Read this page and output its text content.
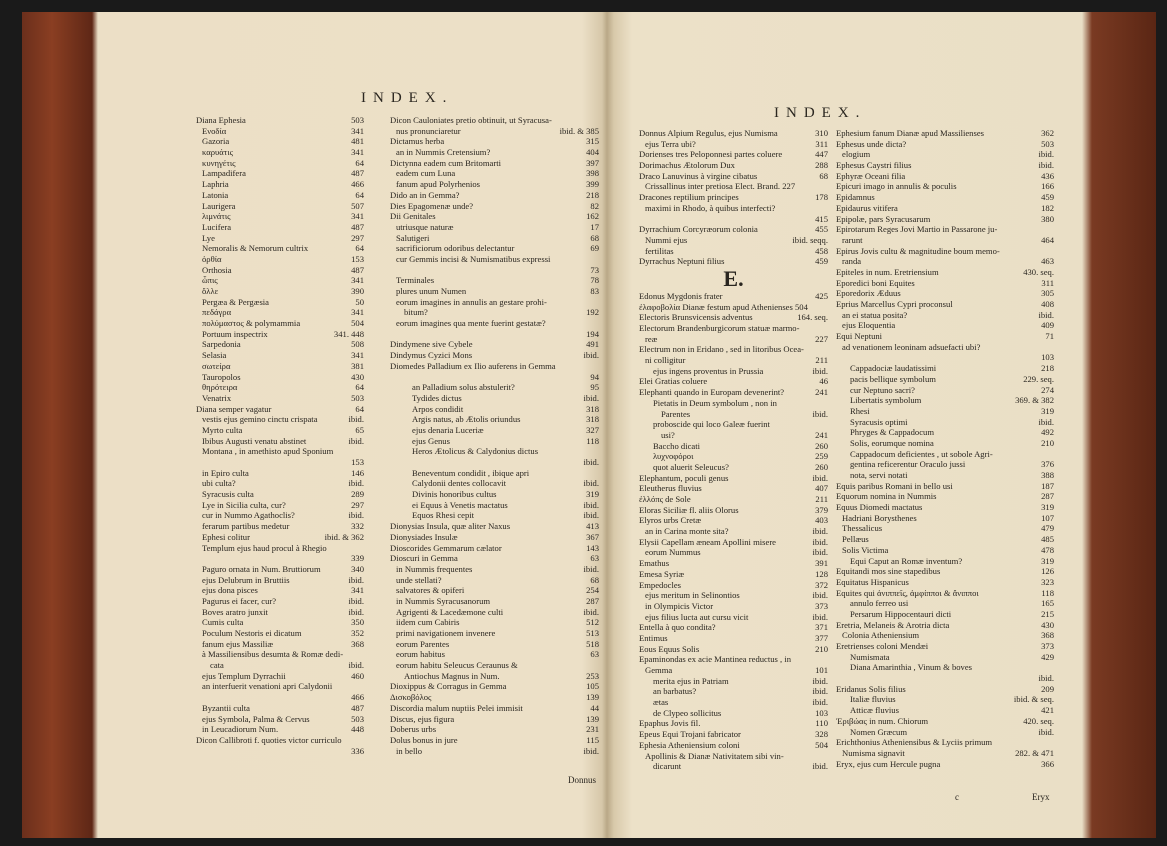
INDEX.
Diana Ephesia	503
Ενοδία	341
Gazoria	481
καρυάτις	341
κυνηγέτις	64
Lampadifera	487
Laphria	466
Latonia	64
Laurigera	507
λιμνάτις	341
Lucifera	487
Lye	297
Nemoralis & Nemorum cultrix	64
ὀρθία	153
Orthosia	487
ὦπις	341
ὄλλε	390
Pergæa & Pergæsia	50
πεδάγρα	341
πολύμαστος & polymammia	504
Portuum inspectrix	341. 448
Sarpedonia	508
Selasia	341
σωτείρα	381
Tauropolos	430
θηρότειρα	64
Venatrix	503
Diana semper vagatur	64
vestis ejus gemino cinctu crispata	ibid.
Myrto culta	65
Ibibus Augusti venatu abstinet	ibid.
Montana , in amethisto apud Sponium
153
in Epiro culta	146
ubi culta?	ibid.
Syracusis culta	289
Lye in Sicilia culta, cur?	297
cur in Nummo Agathoclis?	ibid.
ferarum partibus medetur	332
Ephesi colitur	ibid. & 362
Templum ejus haud procul à Rhegio
339
Paguro ornata in Num. Bruttiorum	340
ejus Delubrum in Bruttiis	ibid.
ejus dona pisces	341
Pagurus ei facer, cur?	ibid.
Boves aratro junxit	ibid.
Cumis culta	350
Poculum Nestoris ei dicatum	352
fanum ejus Massiliæ	368
à Massiliensibus desumta & Romæ dedi-
cata	ibid.
ejus Templum Dyrrachii	460
an interfuerit venationi apri Calydonii
466
Byzantii culta	487
ejus Symbola, Palma & Cervus	503
in Leucadiorum Num.	448
Dicon Callibroti f. quoties victor curriculo
336
Dicon Cauloniates pretio obtinuit, ut Syracusa-
nus pronunciaretur	ibid. & 385
Dictamus herba	315
an in Nummis Cretensium?	404
Dictynna eadem cum Britomarti	397
eadem cum Luna	398
fanum apud Polyrhenios	399
Dido an in Gemma?	218
Dies Epagomenæ unde?	82
Dii Genitales	162
utriusque naturæ	17
Salutigeri	68
sacrificiorum odoribus delectantur	69
cur Gemmis incisi & Numismatibus expressi
73
Terminales	78
plures unum Numen	83
eorum imagines in annulis an gestare prohi-
bitum?	192
eorum imagines qua mente fuerint gestatæ?
194
Dindymene sive Cybele	491
Dindymus Cyzici Mons	ibid.
Diomedes Palladium ex Ilio auferens in Gemma
94
an Palladium solus abstulerit?	95
Tydides dictus	ibid.
Arpos condidit	318
Argis natus, ab Ætolis oriundus	318
ejus denaria Luceriæ	327
ejus Genus	118
Heros Ætolicus & Calydonius dictus
ibid.
Beneventum condidit , ibique apri
Calydonii dentes collocavit	ibid.
Divinis honoribus cultus	319
ei Equus à Venetis mactatus	ibid.
Equos Rhesi cepit	ibid.
Dionysias Insula, quæ aliter Naxus	413
Dionysiades Insulæ	367
Dioscorides Gemmarum cælator	143
Dioscuri in Gemma	63
in Nummis frequentes	ibid.
unde stellati?	68
salvatores & opiferi	254
in Nummis Syracusanorum	287
Agrigenti & Lacedæmone culti	ibid.
iidem cum Cabiris	512
primi navigationem invenere	513
eorum Parentes	518
eorum habitus	63
eorum habitu Seleucus Ceraunus &
Antiochus Magnus in Num.	253
Dioxippus & Corragus in Gemma	105
Δισκοβόλος	139
Discordia malum nuptiis Pelei immisit	44
Discus, ejus figura	139
Doberus urbs	231
Dolus bonus in jure	115
in bello	ibid.
Donnus
INDEX.
Donnus Alpium Regulus, ejus Numisma	310
ejus Terra ubi?	311
Dorienses tres Peloponnesi partes coluere	447
Dorimachus Ætolorum Dux	288
Draco Lanuvinus à virgine cibatus	68
Crissallinus inter pretiosa Elect. Brand. 227
Dracones reptilium principes	178
maximi in Rhodo, à quibus interfecti?
415
Dyrrachium Corcyræorum colonia	455
Nummi ejus	ibid. seqq.
fertilitas	458
Dyrrachus Neptuni filius	459
E.
Edonus Mygdonis frater	425
ἐλαφοβολία Dianæ festum apud Athenienses 504
Electoris Brunsvicensis adventus	164. seq.
Electorum Brandenburgicorum statuæ marmo-
reæ	227
Electrum non in Eridano , sed in litoribus Ocea-
ni colligitur	211
ejus ingens proventus in Prussia	ibid.
Elei Gratias coluere	46
Elephanti quando in Europam devenerint?	241
Pietatis in Deum symbolum , non in
Parentes	ibid.
proboscide qui loco Galeæ fuerint
usi?	241
Baccho dicati	260
λυχνοφόροι	259
quot aluerit Seleucus?	260
Elephantum, poculi genus	ibid.
Eleutherus fluvius	407
ἐλλόπς de Sole	211
Eloras Siciliæ fl. aliis Olorus	379
Elyros urbs Cretæ	403
an in Carina monte sita?	ibid.
Elysii Capellam æneam Apollini misere	ibid.
eorum Nummus	ibid.
Emathus	391
Emesa Syriæ	128
Empedocles	372
ejus meritum in Selinontios	ibid.
in Olympicis Victor	373
ejus filius lucta aut cursu vicit	ibid.
Entella à quo condita?	371
Entimus	377
Eous Equus Solis	210
Epaminondas ex acie Mantinea reductus , in
Gemma	101
merita ejus in Patriam	ibid.
an barbatus?	ibid.
ætas	ibid.
de Clypeo sollicitus	103
Epaphus Jovis fil.	110
Epeus Equi Trojani fabricator	328
Ephesia Atheniensium coloni	504
Apollinis & Dianæ Nativitatem sibi vin-
dicarunt	ibid.
Ephesium fanum Dianæ apud Massilienses	362
Ephesus unde dicta?	503
elogium	ibid.
Ephesus Caystri filius	ibid.
Ephyræ Oceani filia	436
Epicuri imago in annulis & poculis	166
Epidamnus	459
Epidaurus vitifera	182
Epipolæ, pars Syracusarum	380
Epirotarum Reges Jovi Martio in Passarone ju-
rarunt	464
Epirus Jovis cultu & magnitudine boum memo-
randa	463
Epiteles in num. Eretriensium	430. seq.
Eporedici boni Equites	311
Eporedorix Æduus	305
Eprius Marcellus Cypri proconsul	408
an ei statua posita?	ibid.
ejus Eloquentia	409
Equi Neptuni	71
ad venationem leoninam adsuefacti ubi?
103
Cappadociæ laudatissimi	218
pacis bellique symbolum	229. seq.
cur Neptuno sacri?	274
Libertatis symbolum	369. & 382
Rhesi	319
Syracusis optimi	ibid.
Phryges & Cappadocum	492
Solis, eorumque nomina	210
Cappadocum deficientes , ut sobole Agri-
gentina reficerentur Oraculo jussi	376
nota, servi notati	388
Equis paribus Romani in bello usi	187
Equorum nomina in Nummis	287
Equus Diomedi mactatus	319
Hadriani Borysthenes	107
Thessalicus	479
Pellæus	485
Solis Victima	478
Equi Caput an Romæ inventum?	319
Equitandi mos sine stapedibus	126
Equitatus Hispanicus	323
Equites qui ἀνιππεῖς, ἀμφίπποι & ἄνιπποι	118
annulo ferreo usi	165
Persarum Hippocentauri dicti	215
Eretria, Melaneis & Arotria dicta	430
Colonia Atheniensium	368
Eretrienses coloni Mendæi	373
Numismata	429
Diana Amarinthia , Vinum & boves
ibid.
Eridanus Solis filius	209
Italiæ fluvius	ibid. & seq.
Atticæ fluvius	421
Ἐριβώας in num. Chiorum	420. seq.
Nomen Græcum	ibid.
Erichthonius Atheniensibus & Lyciis primum
Numisma signavit	282. & 471
Eryx, ejus cum Hercule pugna	366
c	Eryx
